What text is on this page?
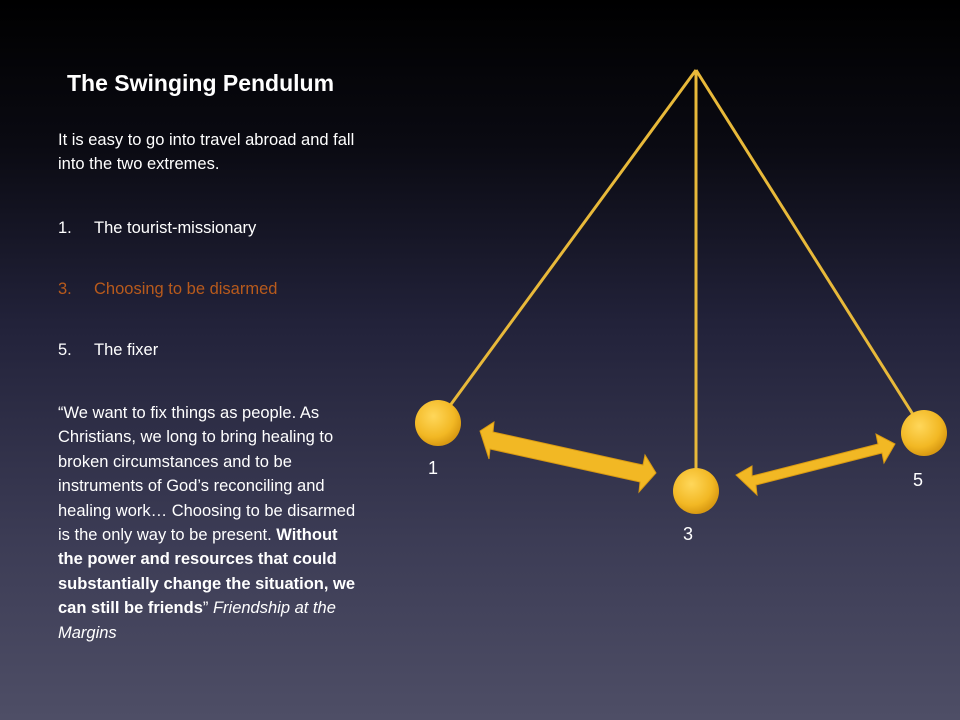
The Swinging Pendulum

It is easy to go into travel abroad and fall into the two extremes.

1. The tourist-missionary
3. Choosing to be disarmed
5. The fixer

“We want to fix things as people. As Christians, we long to bring healing to broken circumstances and to be instruments of God’s reconciling and healing work… Choosing to be disarmed is the only way to be present. Without the power and resources that could substantially change the situation, we can still be friends” Friendship at the Margins

1
3
5
